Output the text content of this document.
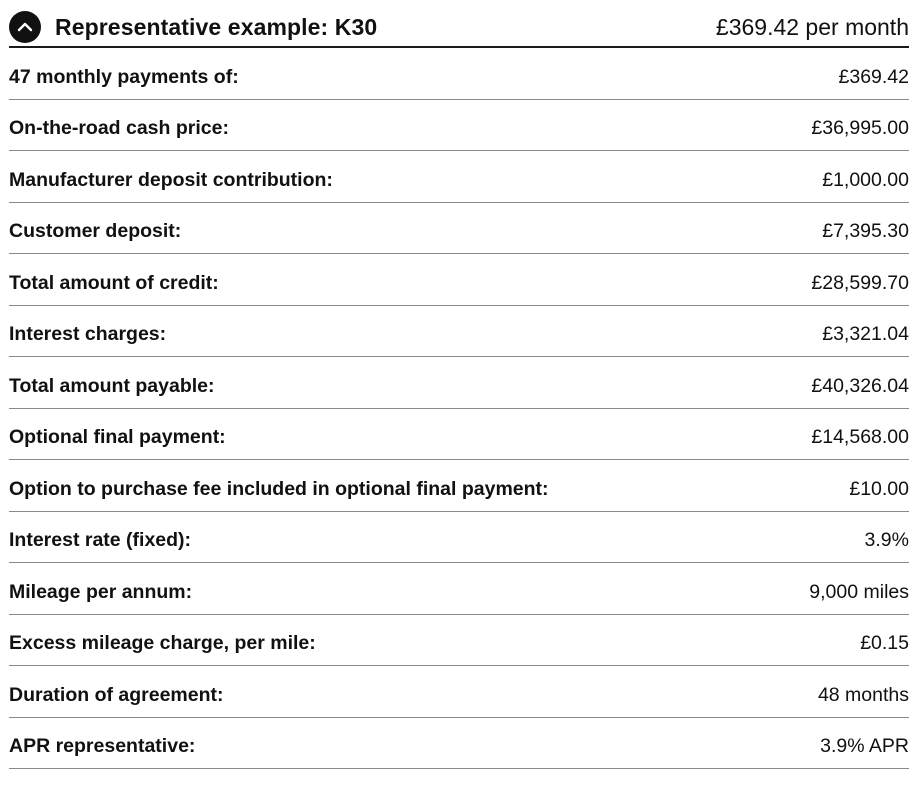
Representative example: K30	£369.42 per month
47 monthly payments of:	£369.42
On-the-road cash price:	£36,995.00
Manufacturer deposit contribution:	£1,000.00
Customer deposit:	£7,395.30
Total amount of credit:	£28,599.70
Interest charges:	£3,321.04
Total amount payable:	£40,326.04
Optional final payment:	£14,568.00
Option to purchase fee included in optional final payment:	£10.00
Interest rate (fixed):	3.9%
Mileage per annum:	9,000 miles
Excess mileage charge, per mile:	£0.15
Duration of agreement:	48 months
APR representative:	3.9% APR
